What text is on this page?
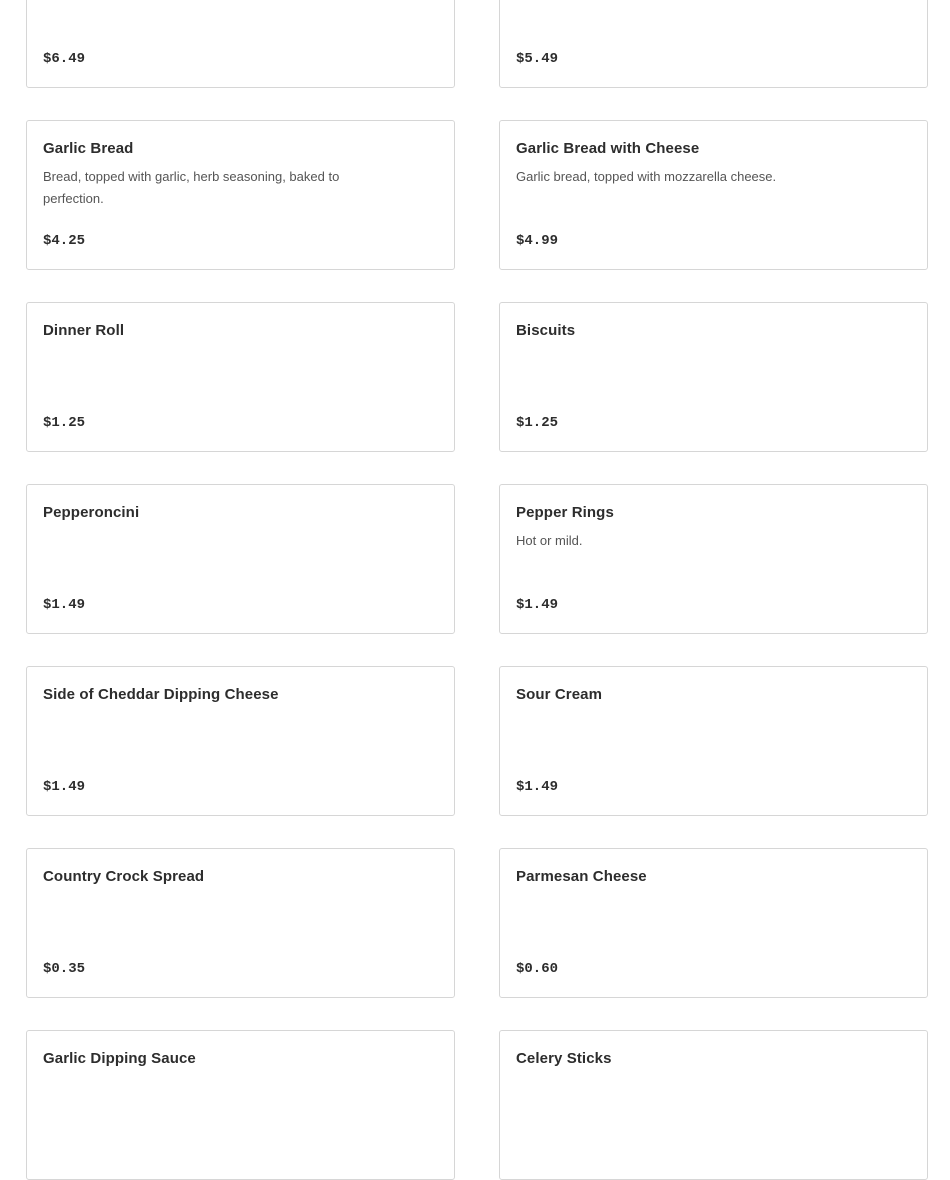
$6.49	$5.49
Garlic Bread
Bread, topped with garlic, herb seasoning, baked to perfection.
$4.25
Garlic Bread with Cheese
Garlic bread, topped with mozzarella cheese.
$4.99
Dinner Roll
$1.25
Biscuits
$1.25
Pepperoncini
$1.49
Pepper Rings
Hot or mild.
$1.49
Side of Cheddar Dipping Cheese
$1.49
Sour Cream
$1.49
Country Crock Spread
$0.35
Parmesan Cheese
$0.60
Garlic Dipping Sauce	Celery Sticks
